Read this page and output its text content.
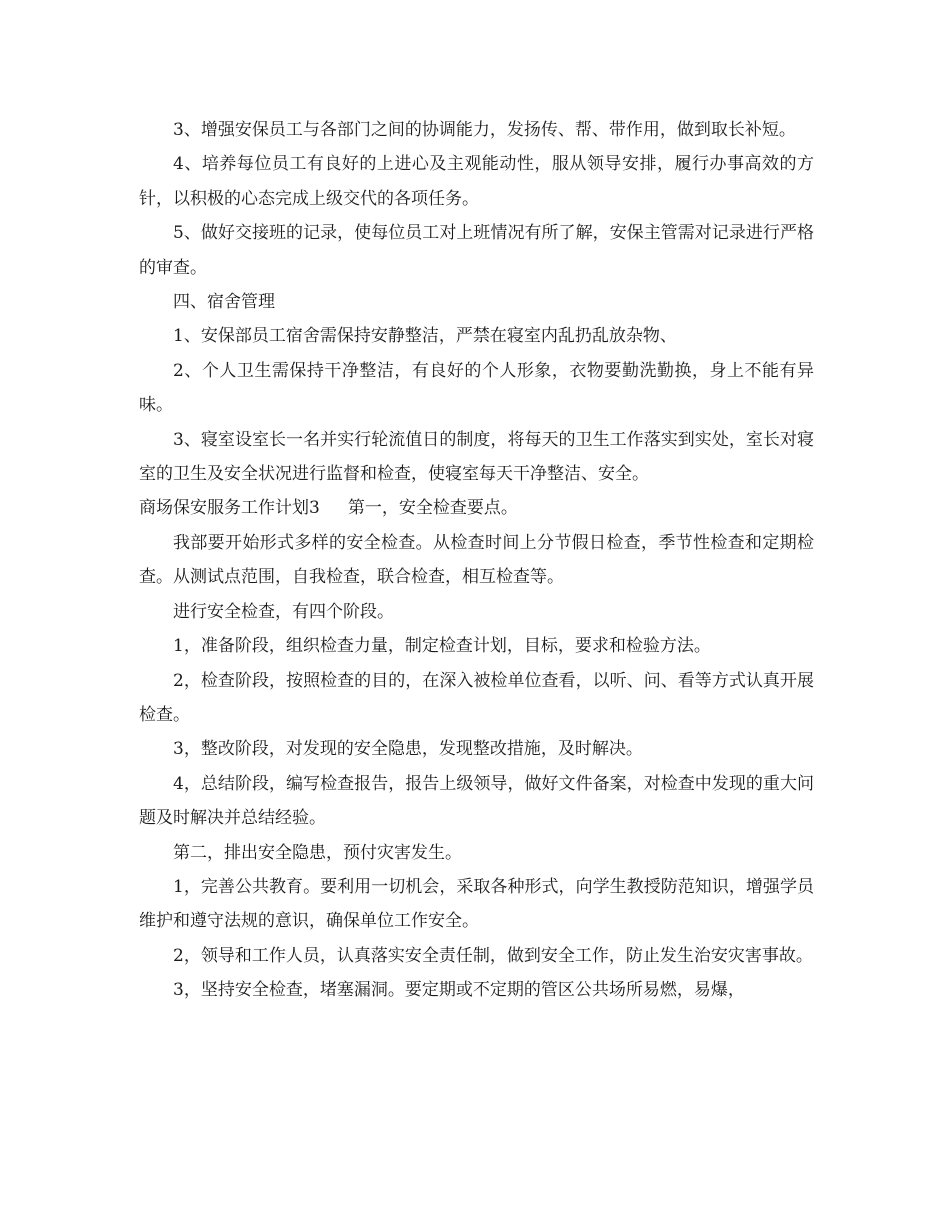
3、增强安保员工与各部门之间的协调能力，发扬传、帮、带作用，做到取长补短。

4、培养每位员工有良好的上进心及主观能动性，服从领导安排，履行办事高效的方针，以积极的心态完成上级交代的各项任务。

5、做好交接班的记录，使每位员工对上班情况有所了解，安保主管需对记录进行严格的审查。

四、宿舍管理

1、安保部员工宿舍需保持安静整洁，严禁在寝室内乱扔乱放杂物、

2、个人卫生需保持干净整洁，有良好的个人形象，衣物要勤洗勤换，身上不能有异味。

3、寝室设室长一名并实行轮流值日的制度，将每天的卫生工作落实到实处，室长对寝室的卫生及安全状况进行监督和检查，使寝室每天干净整洁、安全。

商场保安服务工作计划3 第一，安全检查要点。

我部要开始形式多样的安全检查。从检查时间上分节假日检查，季节性检查和定期检查。从测试点范围，自我检查，联合检查，相互检查等。

进行安全检查，有四个阶段。

1，准备阶段，组织检查力量，制定检查计划，目标，要求和检验方法。

2，检查阶段，按照检查的目的，在深入被检单位查看，以听、问、看等方式认真开展检查。

3，整改阶段，对发现的安全隐患，发现整改措施，及时解决。

4，总结阶段，编写检查报告，报告上级领导，做好文件备案，对检查中发现的重大问题及时解决并总结经验。

第二，排出安全隐患，预付灾害发生。

1，完善公共教育。要利用一切机会，采取各种形式，向学生教授防范知识，增强学员维护和遵守法规的意识，确保单位工作安全。

2，领导和工作人员，认真落实安全责任制，做到安全工作，防止发生治安灾害事故。

3，坚持安全检查，堵塞漏洞。要定期或不定期的管区公共场所易燃，易爆，
